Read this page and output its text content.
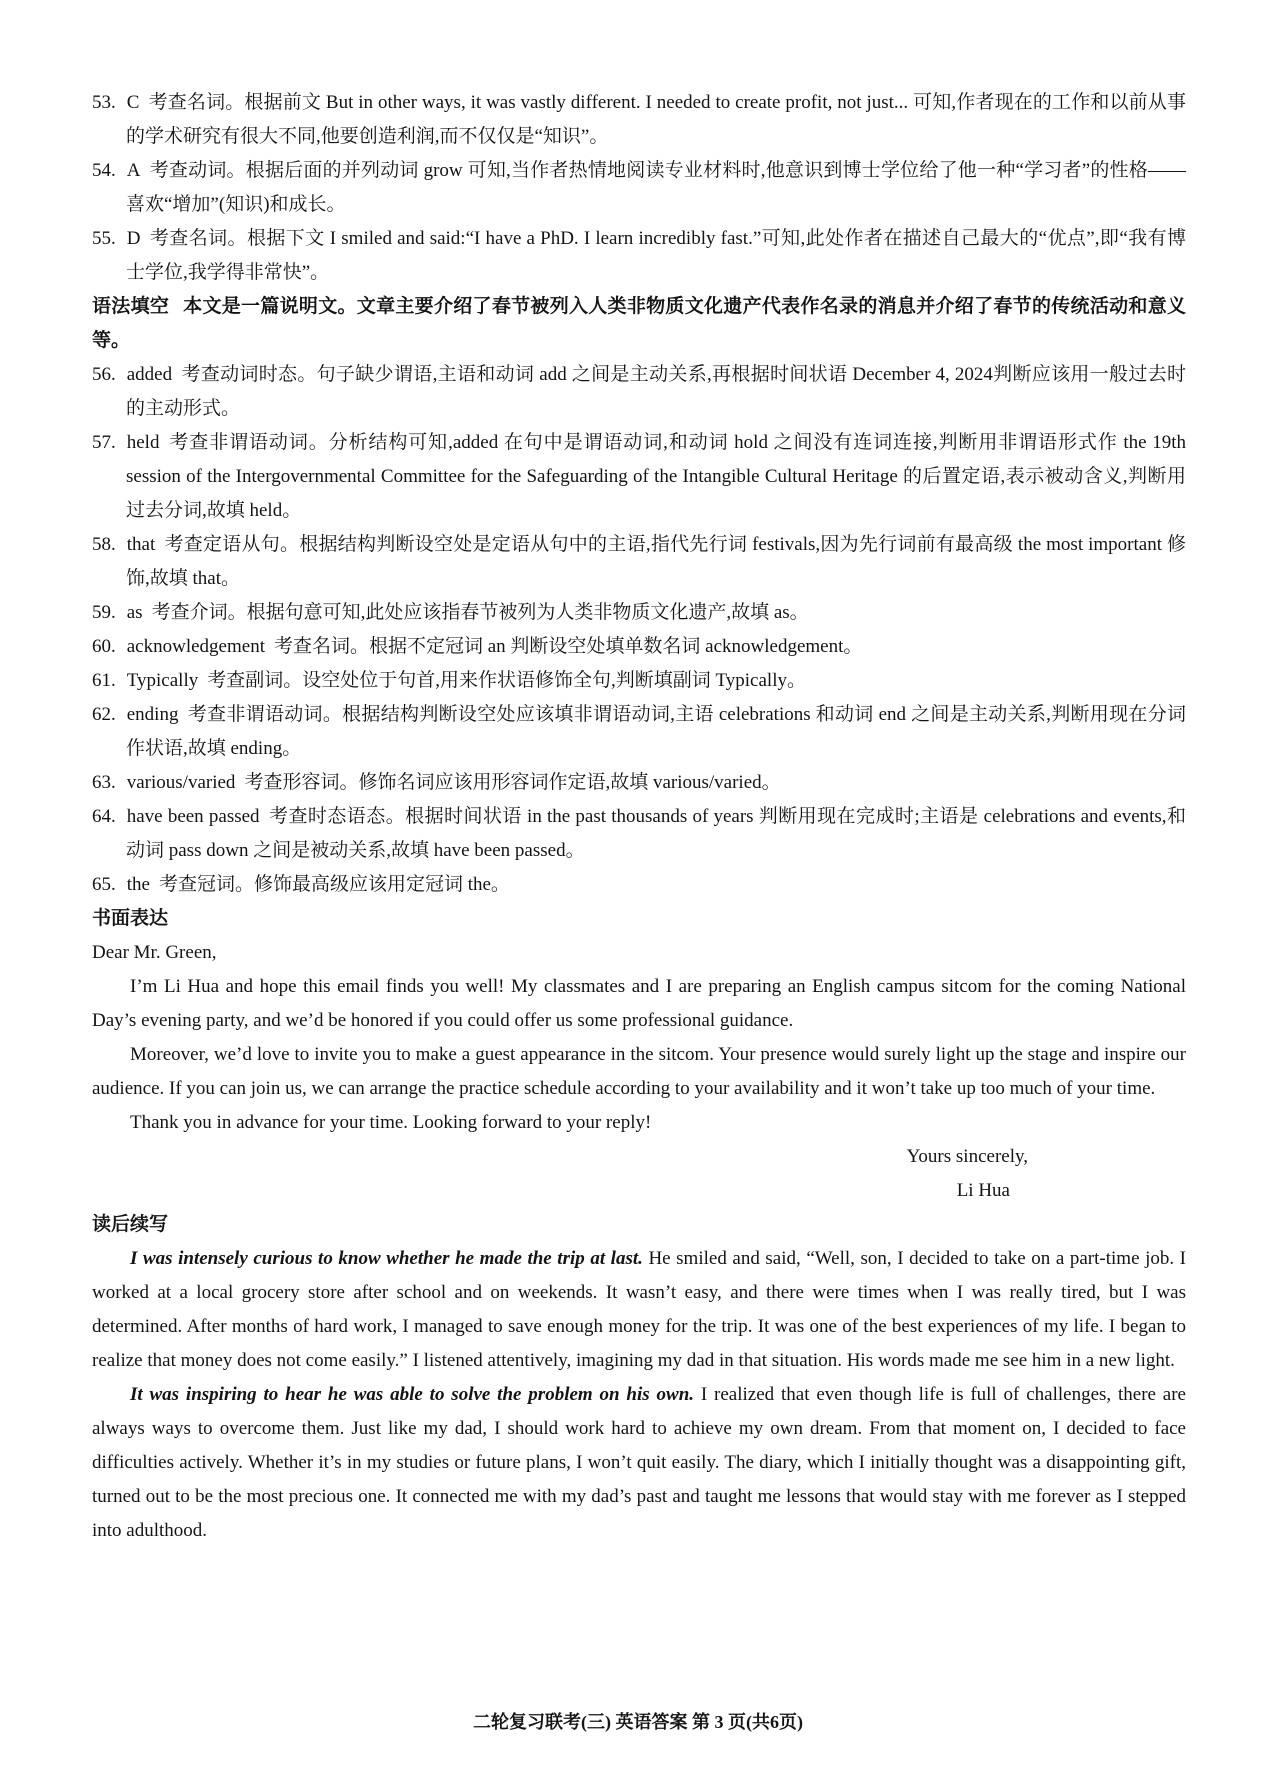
53. C 考查名词。根据前文 But in other ways, it was vastly different. I needed to create profit, not just... 可知,作者现在的工作和以前从事的学术研究有很大不同,他要创造利润,而不仅仅是“知识”。
54. A 考查动词。根据后面的并列动词 grow 可知,当作者热情地阅读专业材料时,他意识到博士学位给了他一种“学习者”的性格——喜欢“增加”(知识)和成长。
55. D 考查名词。根据下文 I smiled and said:“I have a PhD. I learn incredibly fast.”可知,此处作者在描述自己最大的“优点”,即“我有博士学位,我学得非常快”。

语法填空 本文是一篇说明文。文章主要介绍了春节被列入人类非物质文化遗产代表作名录的消息并介绍了春节的传统活动和意义等。

56. added 考查动词时态。句子缺少谓语,主语和动词 add 之间是主动关系,再根据时间状语 December 4, 2024判断应该用一般过去时的主动形式。
57. held 考查非谓语动词。分析结构可知,added 在句中是谓语动词,和动词 hold 之间没有连词连接,判断用非谓语形式作 the 19th session of the Intergovernmental Committee for the Safeguarding of the Intangible Cultural Heritage 的后置定语,表示被动含义,判断用过去分词,故填 held。
58. that 考查定语从句。根据结构判断设空处是定语从句中的主语,指代先行词 festivals,因为先行词前有最高级 the most important 修饰,故填 that。
59. as 考查介词。根据句意可知,此处应该指春节被列为人类非物质文化遗产,故填 as。
60. acknowledgement 考查名词。根据不定冠词 an 判断设空处填单数名词 acknowledgement。
61. Typically 考查副词。设空处位于句首,用来作状语修饰全句,判断填副词 Typically。
62. ending 考查非谓语动词。根据结构判断设空处应该填非谓语动词,主语 celebrations 和动词 end 之间是主动关系,判断用现在分词作状语,故填 ending。
63. various/varied 考查形容词。修饰名词应该用形容词作定语,故填 various/varied。
64. have been passed 考查时态语态。根据时间状语 in the past thousands of years 判断用现在完成时;主语是 celebrations and events,和动词 pass down 之间是被动关系,故填 have been passed。
65. the 考查冠词。修饰最高级应该用定冠词 the。

书面表达

Dear Mr. Green,

I’m Li Hua and hope this email finds you well! My classmates and I are preparing an English campus sitcom for the coming National Day’s evening party, and we’d be honored if you could offer us some professional guidance.

Moreover, we’d love to invite you to make a guest appearance in the sitcom. Your presence would surely light up the stage and inspire our audience. If you can join us, we can arrange the practice schedule according to your availability and it won’t take up too much of your time.

Thank you in advance for your time. Looking forward to your reply!

Yours sincerely,

Li Hua

读后续写

I was intensely curious to know whether he made the trip at last. He smiled and said, “Well, son, I decided to take on a part-time job. I worked at a local grocery store after school and on weekends. It wasn’t easy, and there were times when I was really tired, but I was determined. After months of hard work, I managed to save enough money for the trip. It was one of the best experiences of my life. I began to realize that money does not come easily.” I listened attentively, imagining my dad in that situation. His words made me see him in a new light.

It was inspiring to hear he was able to solve the problem on his own. I realized that even though life is full of challenges, there are always ways to overcome them. Just like my dad, I should work hard to achieve my own dream. From that moment on, I decided to face difficulties actively. Whether it’s in my studies or future plans, I won’t quit easily. The diary, which I initially thought was a disappointing gift, turned out to be the most precious one. It connected me with my dad’s past and taught me lessons that would stay with me forever as I stepped into adulthood.

二轮复习联考(三) 英语答案 第 3 页(共6页)
